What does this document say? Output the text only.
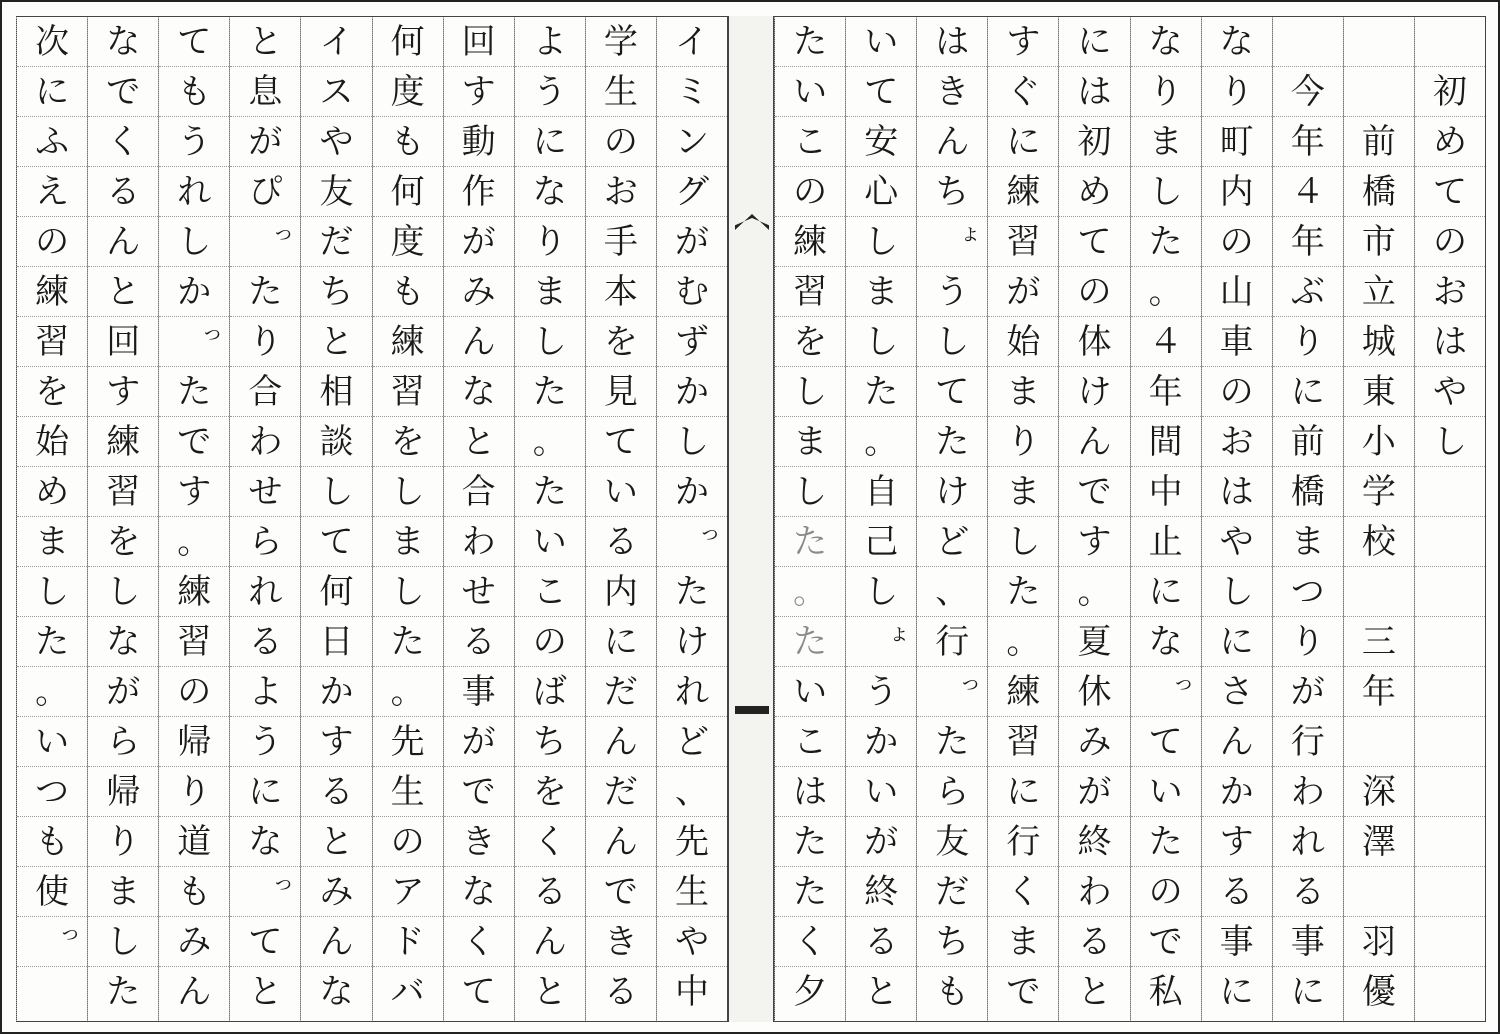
初
め
て
の
お
は
や
し
前
橋
市
立
城
東
小
学
校
三
年
深
澤
羽
優
今
年
４
年
ぶ
り
に
前
橋
ま
つ
り
が
行
わ
れ
る
事
に
な
り
町
内
の
山
車
の
お
は
や
し
に
さ
ん
か
す
る
事
に
な
り
ま
し
た
。
４
年
間
中
止
に
な
っ
て
い
た
の
で
私
に
は
初
め
て
の
体
け
ん
で
す
。
夏
休
み
が
終
わ
る
と
す
ぐ
に
練
習
が
始
ま
り
ま
し
た
。
練
習
に
行
く
ま
で
は
き
ん
ち
ょ
う
し
て
た
け
ど
、
行
っ
た
ら
友
だ
ち
も
い
て
安
心
し
ま
し
た
。
自
己
し
ょ
う
か
い
が
終
る
と
た
い
こ
の
練
習
を
し
ま
し
た
。
た
い
こ
は
た
た
く
夕
イ
ミ
ン
グ
が
む
ず
か
し
か
っ
た
け
れ
ど
、
先
生
や
中
学
生
の
お
手
本
を
見
て
い
る
内
に
だ
ん
だ
ん
で
き
る
よ
う
に
な
り
ま
し
た
。
た
い
こ
の
ば
ち
を
く
る
ん
と
回
す
動
作
が
み
ん
な
と
合
わ
せ
る
事
が
で
き
な
く
て
何
度
も
何
度
も
練
習
を
し
ま
し
た
。
先
生
の
ア
ド
バ
イ
ス
や
友
だ
ち
と
相
談
し
て
何
日
か
す
る
と
み
ん
な
と
息
が
ぴ
っ
た
り
合
わ
せ
ら
れ
る
よ
う
に
な
っ
て
と
て
も
う
れ
し
か
っ
た
で
す
。
練
習
の
帰
り
道
も
み
ん
な
で
く
る
ん
と
回
す
練
習
を
し
な
が
ら
帰
り
ま
し
た
次
に
ふ
え
の
練
習
を
始
め
ま
し
た
。
い
つ
も
使
っ
